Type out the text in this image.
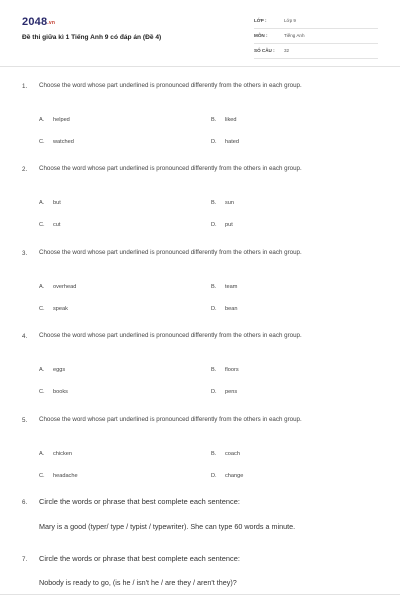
2048.vn
Đề thi giữa kì 1 Tiếng Anh 9 có đáp án (Đề 4)
LỚP :	Lớp 9
MÔN :	Tiếng Anh
SỐ CÂU : 32
1. Choose the word whose part underlined is pronounced differently from the others in each group.
A. helped	B. liked
C. watched	D. hated
2. Choose the word whose part underlined is pronounced differently from the others in each group.
A. but	B. sun
C. cut	D. put
3. Choose the word whose part underlined is pronounced differently from the others in each group.
A. overhead	B. team
C. speak	D. bean
4. Choose the word whose part underlined is pronounced differently from the others in each group.
A. eggs	B. floors
C. books	D. pens
5. Choose the word whose part underlined is pronounced differently from the others in each group.
A. chicken	B. coach
C. headache	D. change
6. Circle the words or phrase that best complete each sentence:
Mary is a good (typer/ type / typist / typewriter). She can type 60 words a minute.
7. Circle the words or phrase that best complete each sentence:
Nobody is ready to go, (is he / isn't he / are they / aren't they)?
